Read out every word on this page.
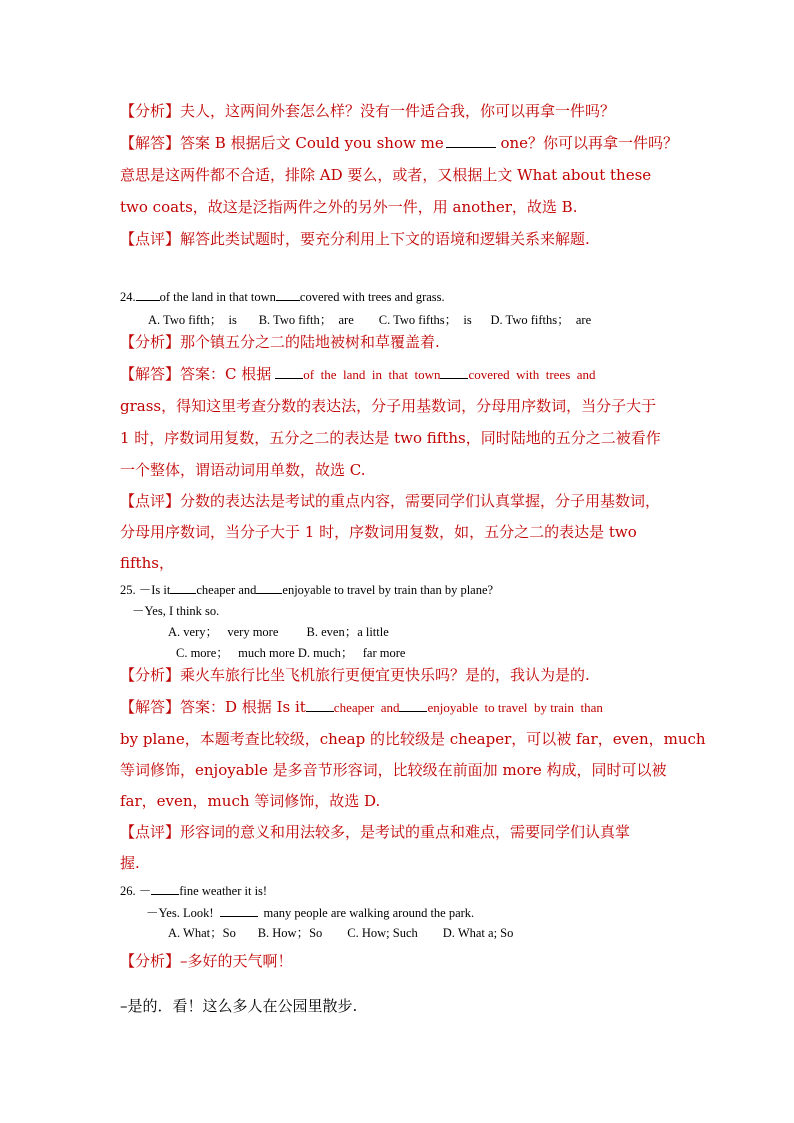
【分析】夫人，这两间外套怎么样？没有一件适合我，你可以再拿一件吗？
【解答】答案 B 根据后文 Could you show me	one？你可以再拿一件吗？
意思是这两件都不合适，排除 AD 要么，或者，又根据上文 What about these
two coats，故这是泛指两件之外的另外一件，用 another，故选 B.
【点评】解答此类试题时，要充分利用上下文的语境和逻辑关系来解题.
24. of the land in that town covered with trees and grass.
A. Two fifth；  is       B. Two fifth；  are        C. Two fifths；  is      D. Two fifths；  are
【分析】那个镇五分之二的陆地被树和草覆盖着.
【解答】答案：C 根据 of  the  land  in  that  town covered  with  trees  and
grass，得知这里考查分数的表达法，分子用基数词，分母用序数词，当分子大于
1 时，序数词用复数，五分之二的表达是 two fifths，同时陆地的五分之二被看作
一个整体，谓语动词用单数，故选 C.
【点评】分数的表达法是考试的重点内容，需要同学们认真掌握，分子用基数词，
分母用序数词，当分子大于 1 时，序数词用复数，如，五分之二的表达是 two
fifths，
25. －Is it cheaper and enjoyable to travel by train than by plane?
－Yes, I think so.
A. very；   very more         B. even；a little
C. more；   much more D. much；   far more
【分析】乘火车旅行比坐飞机旅行更便宜更快乐吗？是的，我认为是的.
【解答】答案：D 根据 Is it cheaper  and enjoyable  to travel  by train  than
by plane，本题考查比较级，cheap 的比较级是 cheaper，可以被 far，even，much
等词修饰，enjoyable 是多音节形容词，比较级在前面加 more 构成，同时可以被
far，even，much 等词修饰，故选 D.
【点评】形容词的意义和用法较多，是考试的重点和难点，需要同学们认真掌
握.
26. － fine weather it is!
－Yes. Look!	many people are walking around the park.
A. What；So       B. How；So        C. How; Such        D. What a; So
【分析】–多好的天气啊！
–是的．看！这么多人在公园里散步.
